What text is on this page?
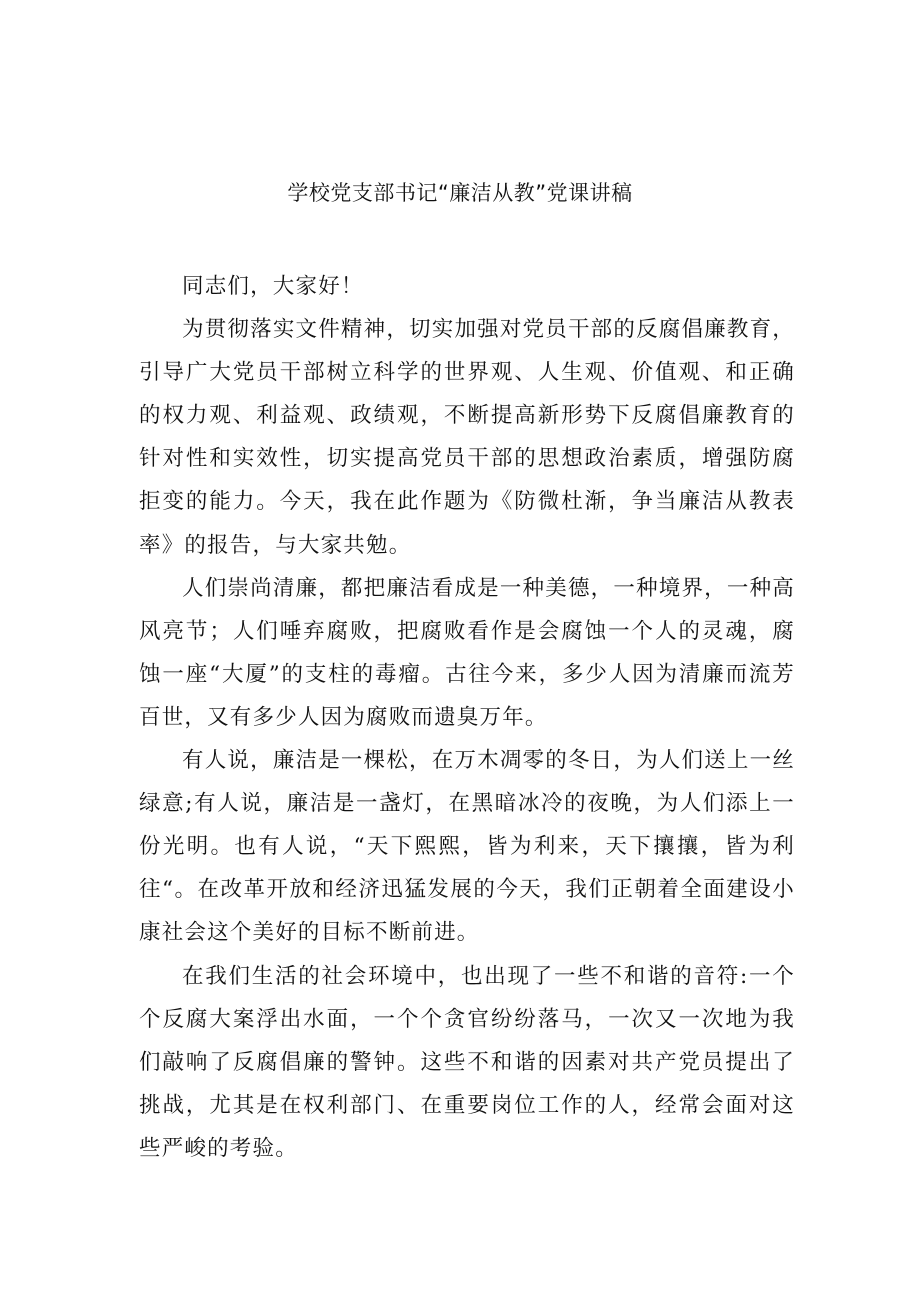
学校党支部书记“廉洁从教”党课讲稿

同志们，大家好！

为贯彻落实文件精神，切实加强对党员干部的反腐倡廉教育，引导广大党员干部树立科学的世界观、人生观、价值观、和正确的权力观、利益观、政绩观，不断提高新形势下反腐倡廉教育的针对性和实效性，切实提高党员干部的思想政治素质，增强防腐拒变的能力。今天，我在此作题为《防微杜渐，争当廉洁从教表率》的报告，与大家共勉。

人们崇尚清廉，都把廉洁看成是一种美德，一种境界，一种高风亮节；人们唾弃腐败，把腐败看作是会腐蚀一个人的灵魂，腐蚀一座“大厦”的支柱的毒瘤。古往今来，多少人因为清廉而流芳百世，又有多少人因为腐败而遗臭万年。

有人说，廉洁是一棵松，在万木凋零的冬日，为人们送上一丝绿意;有人说，廉洁是一盏灯，在黑暗冰冷的夜晚，为人们添上一份光明。也有人说，“天下熙熙，皆为利来，天下攘攘，皆为利往“。在改革开放和经济迅猛发展的今天，我们正朝着全面建设小康社会这个美好的目标不断前进。

在我们生活的社会环境中，也出现了一些不和谐的音符:一个个反腐大案浮出水面，一个个贪官纷纷落马，一次又一次地为我们敲响了反腐倡廉的警钟。这些不和谐的因素对共产党员提出了挑战，尤其是在权利部门、在重要岗位工作的人，经常会面对这些严峻的考验。
